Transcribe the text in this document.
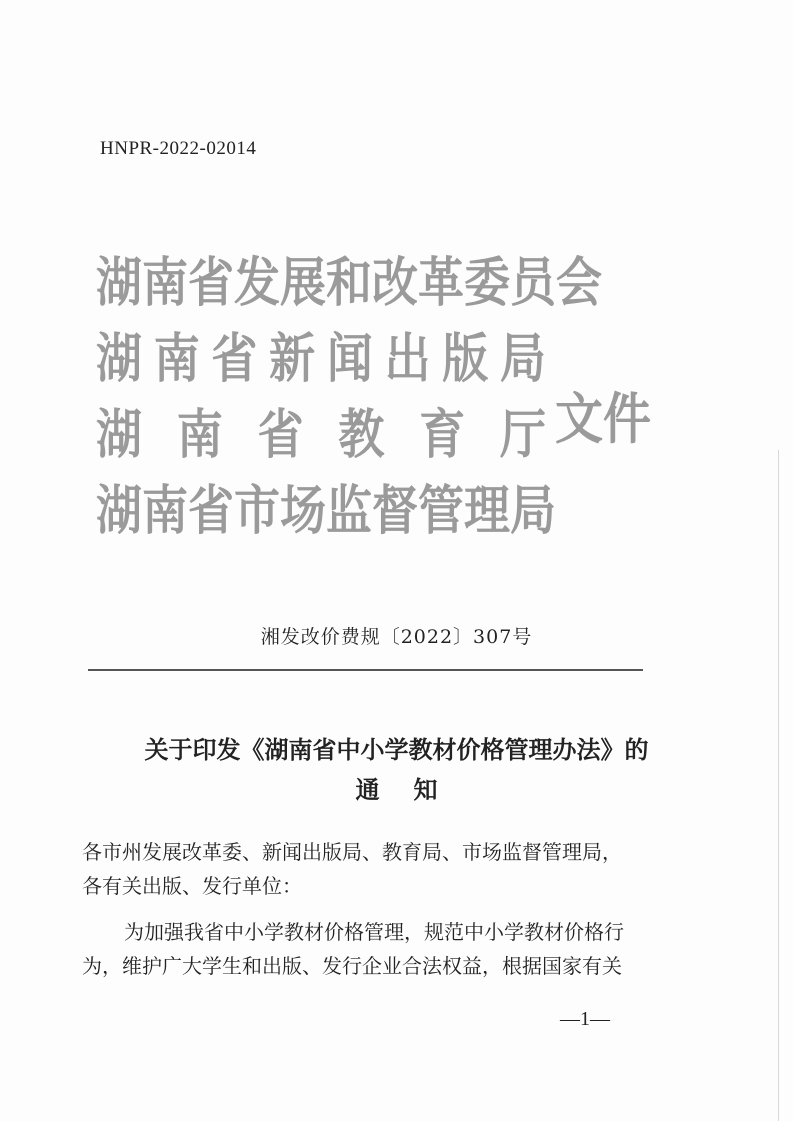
HNPR-2022-02014
湖 南 省 发 展 和 改 革 委 员 会
湖 南 省 新 闻 出 版 局
湖 南 省 教 育 厅
湖 南 省 市 场 监 督 管 理 局
文件
湘发改价费规〔2022〕307号
关于印发《湖南省中小学教材价格管理办法》的
通知

各市州发展改革委、新闻出版局、教育局、市场监督管理局，

各有关出版、发行单位：

为加强我省中小学教材价格管理，规范中小学教材价格行

为，维护广大学生和出版、发行企业合法权益，根据国家有关

—1—
